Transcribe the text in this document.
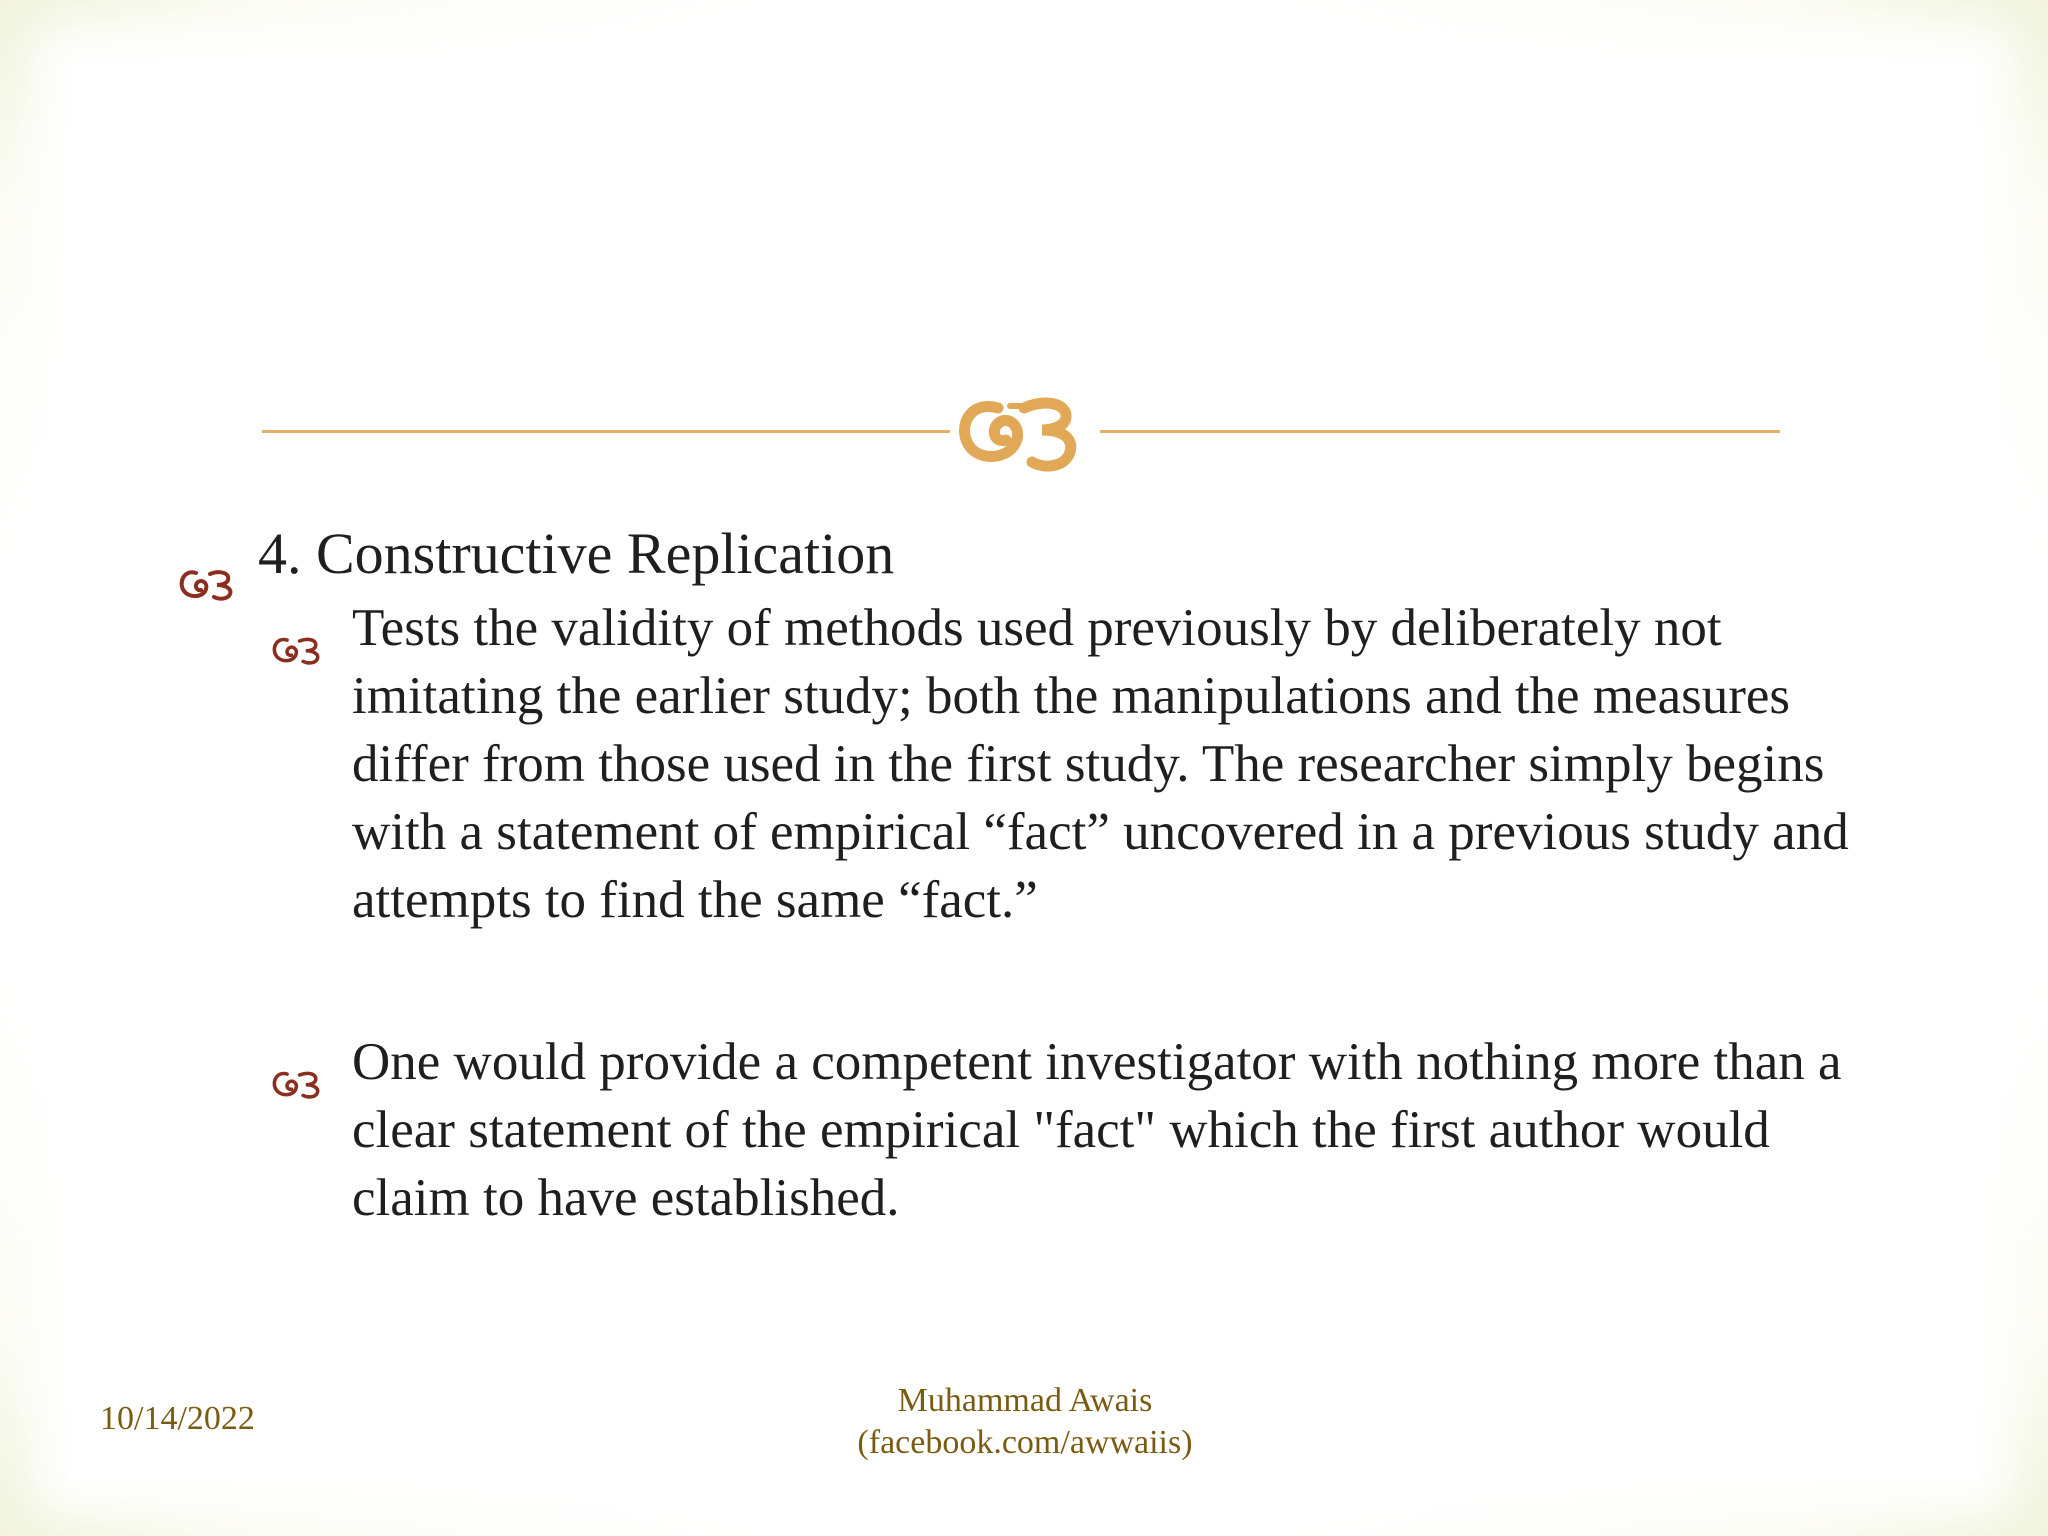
4. Constructive Replication
Tests the validity of methods used previously by deliberately not imitating the earlier study; both the manipulations and the measures differ from those used in the first study. The researcher simply begins with a statement of empirical “fact” uncovered in a previous study and attempts to find the same “fact.”
One would provide a competent investigator with nothing more than a clear statement of the empirical "fact" which the first author would claim to have established.
10/14/2022	Muhammad Awais
(facebook.com/awwaiis)
